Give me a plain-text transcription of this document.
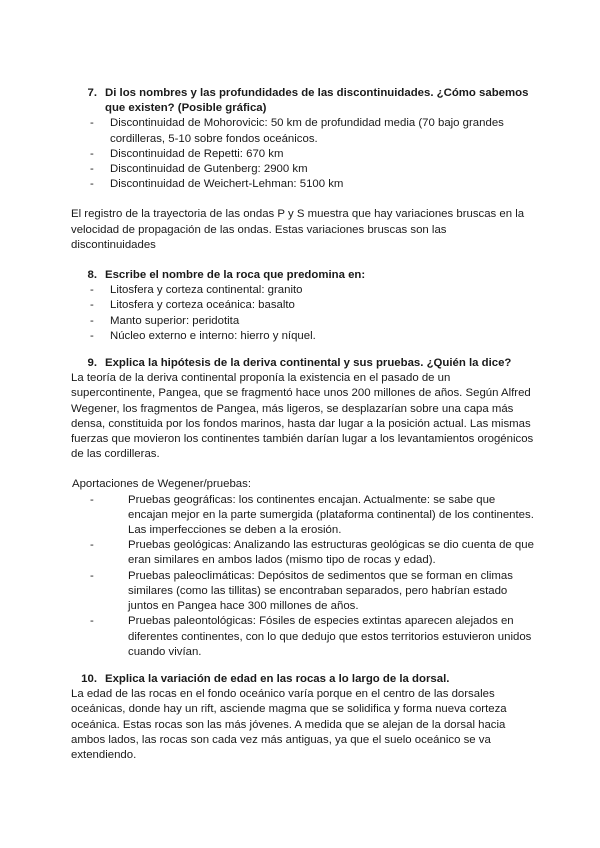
7. Di los nombres y las profundidades de las discontinuidades. ¿Cómo sabemos que existen? (Posible gráfica)
-	Discontinuidad de Mohorovicic: 50 km de profundidad media (70 bajo grandes cordilleras, 5-10 sobre fondos oceánicos.
-	Discontinuidad de Repetti: 670 km
-	Discontinuidad de Gutenberg: 2900 km
-	Discontinuidad de Weichert-Lehman: 5100 km

El registro de la trayectoria de las ondas P y S muestra que hay variaciones bruscas en la velocidad de propagación de las ondas. Estas variaciones bruscas son las discontinuidades

8. Escribe el nombre de la roca que predomina en:
-	Litosfera y corteza continental: granito
-	Litosfera y corteza oceánica: basalto
-	Manto superior: peridotita
-	Núcleo externo e interno: hierro y níquel.
9. Explica la hipótesis de la deriva continental y sus pruebas. ¿Quién la dice?

La teoría de la deriva continental proponía la existencia en el pasado de un supercontinente, Pangea, que se fragmentó hace unos 200 millones de años. Según Alfred Wegener, los fragmentos de Pangea, más ligeros, se desplazarían sobre una capa más densa, constituida por los fondos marinos, hasta dar lugar a la posición actual. Las mismas fuerzas que movieron los continentes también darían lugar a los levantamientos orogénicos de las cordilleras.

Aportaciones de Wegener/pruebas:

-	Pruebas geográficas: los continentes encajan. Actualmente: se sabe que encajan mejor en la parte sumergida (plataforma continental) de los continentes. Las imperfecciones se deben a la erosión.
-	Pruebas geológicas: Analizando las estructuras geológicas se dio cuenta de que eran similares en ambos lados (mismo tipo de rocas y edad).
-	Pruebas paleoclimáticas: Depósitos de sedimentos que se forman en climas similares (como las tillitas) se encontraban separados, pero habrían estado juntos en Pangea hace 300 millones de años.
-	Pruebas paleontológicas: Fósiles de especies extintas aparecen alejados en diferentes continentes, con lo que dedujo que estos territorios estuvieron unidos cuando vivían.
10. Explica la variación de edad en las rocas a lo largo de la dorsal.

La edad de las rocas en el fondo oceánico varía porque en el centro de las dorsales oceánicas, donde hay un rift, asciende magma que se solidifica y forma nueva corteza oceánica. Estas rocas son las más jóvenes. A medida que se alejan de la dorsal hacia ambos lados, las rocas son cada vez más antiguas, ya que el suelo oceánico se va extendiendo.
